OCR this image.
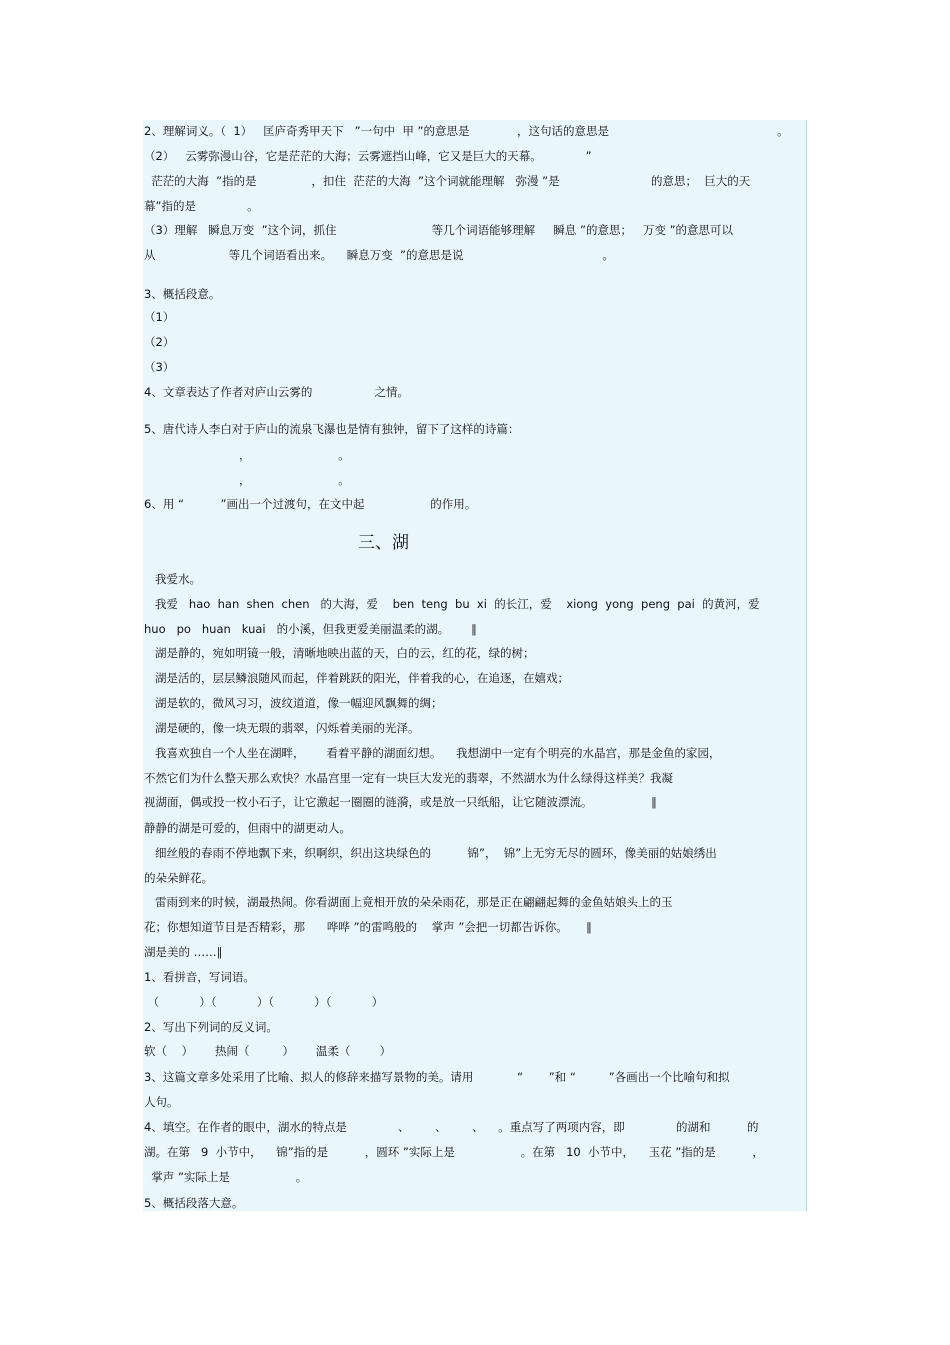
2、理解词义。（  1）   匡庐奇秀甲天下   ”一句中  甲 ”的意思是             ，这句话的意思是                                              。

（2）   云雾弥漫山谷，它是茫茫的大海；云雾遮挡山峰，它又是巨大的天幕。            ”

茫茫的大海  ”指的是               ，扣住  茫茫的大海  ”这个词就能理解   弥漫 ”是                         的意思；  巨大的天

幕”指的是              。

（3）理解   瞬息万变  ”这个词，抓住                          等几个词语能够理解     瞬息 ”的意思；   万变 ”的意思可以

从                    等几个词语看出来。    瞬息万变  ”的意思是说                                      。

3、概括段意。

（1）

（2）

（3）

4、文章表达了作者对庐山云雾的                 之情。

5、唐代诗人李白对于庐山的流泉飞瀑也是情有独钟，留下了这样的诗篇：

，                        。

，                        。

6、用 “          ”画出一个过渡句，在文中起                  的作用。

三、湖

我爱水。

我爱   hao  han  shen  chen   的大海，爱    ben  teng  bu  xi  的长江，爱    xiong  yong  peng  pai  的黄河，爱

huo   po   huan   kuai   的小溪，但我更爱美丽温柔的湖。      ∥

湖是静的，宛如明镜一般，清晰地映出蓝的天，白的云，红的花，绿的树；

湖是活的，层层鳞浪随风而起，伴着跳跃的阳光，伴着我的心，在追逐，在嬉戏；

湖是软的，微风习习，波纹道道，像一幅迎风飘舞的绸；

湖是硬的，像一块无瑕的翡翠，闪烁着美丽的光泽。

我喜欢独自一个人坐在湖畔，      看着平静的湖面幻想。    我想湖中一定有个明亮的水晶宫，那是金鱼的家园，

不然它们为什么整天那么欢快？水晶宫里一定有一块巨大发光的翡翠，不然湖水为什么绿得这样美？我凝

视湖面，偶或投一枚小石子，让它激起一圈圈的涟漪，或是放一只纸船，让它随波漂流。                ∥

静静的湖是可爱的，但雨中的湖更动人。

细丝般的春雨不停地飘下来，织啊织，织出这块绿色的          锦”，  锦”上无穷无尽的圆环，像美丽的姑娘绣出

的朵朵鲜花。

雷雨到来的时候，湖最热闹。你看湖面上竟相开放的朵朵雨花，那是正在翩翩起舞的金鱼姑娘头上的玉

花；你想知道节目是否精彩，那      哗哗 ”的雷鸣般的    掌声 ”会把一切都告诉你。     ∥

湖是美的 ……∥

1、看拼音，写词语。

（           ）（           ）（           ）（           ）

2、写出下列词的反义词。

软（    ）      热闹（         ）      温柔（        ）

3、这篇文章多处采用了比喻、拟人的修辞来描写景物的美。请用            “       ”和 “         ”各画出一个比喻句和拟

人句。

4、填空。在作者的眼中，湖水的特点是              、       、       、    。重点写了两项内容，即              的湖和          的

湖。在第   9  小节中，    锦”指的是          ，圆环 ”实际上是                  。在第   10  小节中，    玉花 ”指的是          ，

掌声 ”实际上是                  。

5、概括段落大意。
